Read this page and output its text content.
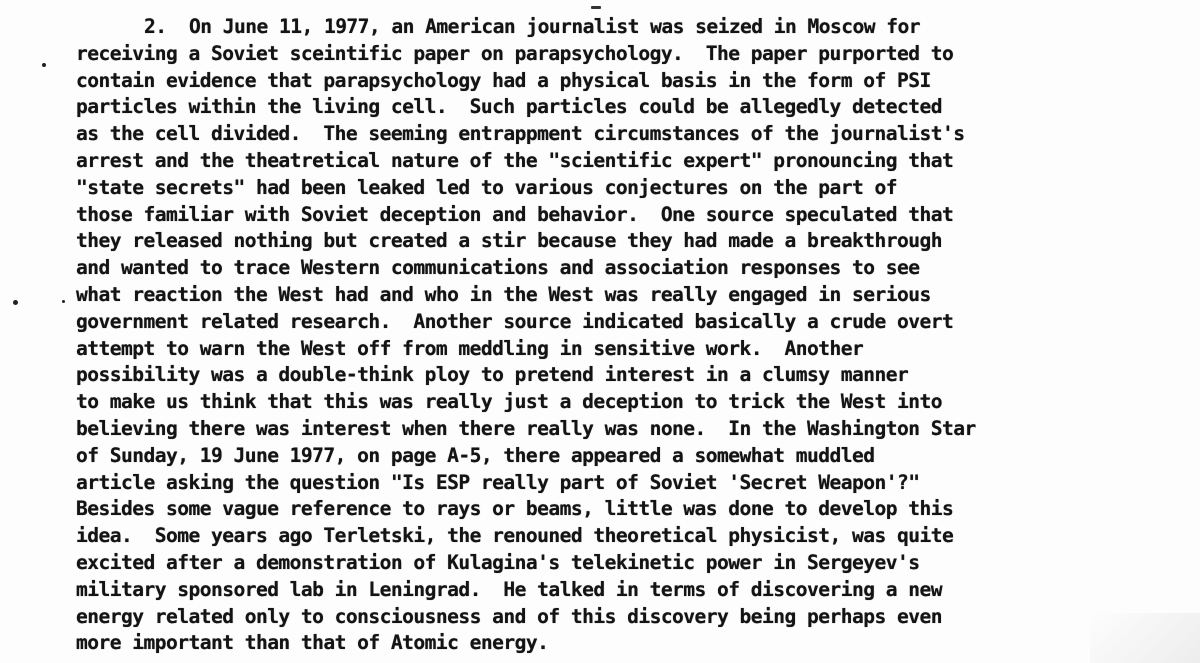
2.  On June 11, 1977, an American journalist was seized in Moscow for
receiving a Soviet sceintific paper on parapsychology.  The paper purported to
contain evidence that parapsychology had a physical basis in the form of PSI
particles within the living cell.  Such particles could be allegedly detected
as the cell divided.  The seeming entrappment circumstances of the journalist's
arrest and the theatretical nature of the "scientific expert" pronouncing that
"state secrets" had been leaked led to various conjectures on the part of
those familiar with Soviet deception and behavior.  One source speculated that
they released nothing but created a stir because they had made a breakthrough
and wanted to trace Western communications and association responses to see
what reaction the West had and who in the West was really engaged in serious
government related research.  Another source indicated basically a crude overt
attempt to warn the West off from meddling in sensitive work.  Another
possibility was a double-think ploy to pretend interest in a clumsy manner
to make us think that this was really just a deception to trick the West into
believing there was interest when there really was none.  In the Washington Star
of Sunday, 19 June 1977, on page A-5, there appeared a somewhat muddled
article asking the question "Is ESP really part of Soviet 'Secret Weapon'?"
Besides some vague reference to rays or beams, little was done to develop this
idea.  Some years ago Terletski, the renouned theoretical physicist, was quite
excited after a demonstration of Kulagina's telekinetic power in Sergeyev's
military sponsored lab in Leningrad.  He talked in terms of discovering a new
energy related only to consciousness and of this discovery being perhaps even
more important than that of Atomic energy.
